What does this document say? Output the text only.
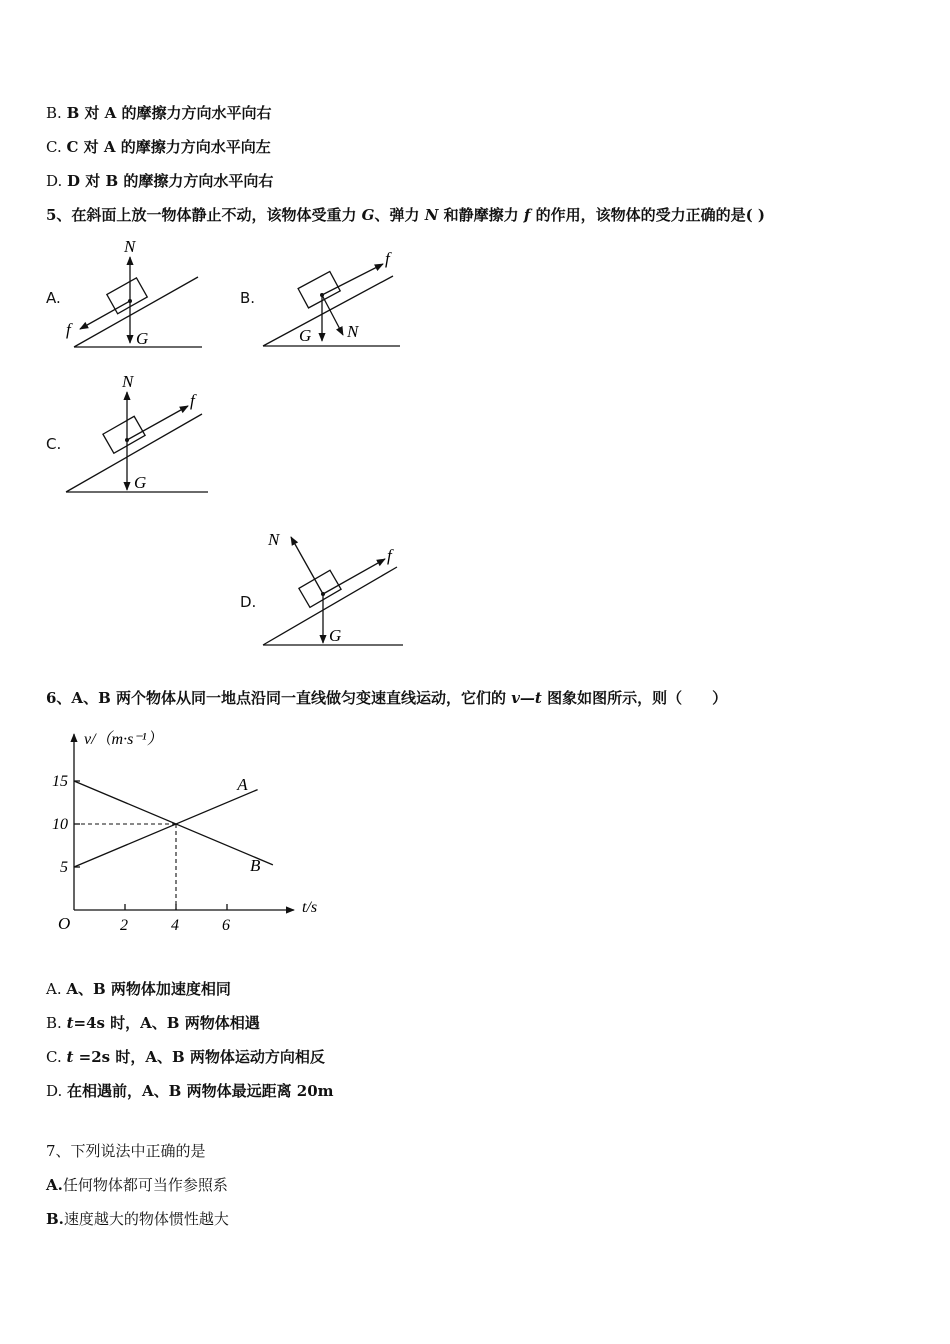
B. B 对 A 的摩擦力方向水平向右
C. C 对 A 的摩擦力方向水平向左
D. D 对 B 的摩擦力方向水平向右
5、在斜面上放一物体静止不动，该物体受重力 G、弹力 N 和静摩擦力 f 的作用，该物体的受力正确的是( )
A.	B.
C.
D.
N
G
f	G N
f
N
G
f
N
G
f
6、A、B 两个物体从同一地点沿同一直线做匀变速直线运动，它们的 v—t 图象如图所示，则（　　）
v/（m·s⁻¹）
t/s
O	2	4	6
5
10
15	A
B
A. A、B 两物体加速度相同
B. t=4s 时，A、B 两物体相遇
C. t =2s 时，A、B 两物体运动方向相反
D. 在相遇前，A、B 两物体最远距离 20m
7、下列说法中正确的是
A.任何物体都可当作参照系
B.速度越大的物体惯性越大
